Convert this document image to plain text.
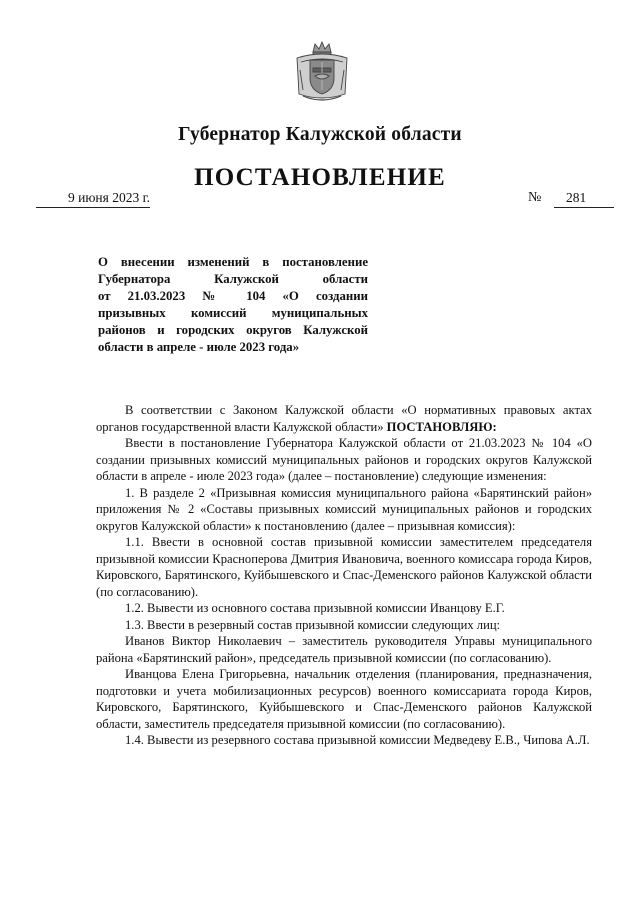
Губернатор Калужской области
ПОСТАНОВЛЕНИЕ
9 июня 2023 г.	№	281
О внесении изменений в постановление
Губернатора Калужской области
от 21.03.2023 № 104 «О создании
призывных комиссий муниципальных
районов и городских округов Калужской
области в апреле - июле 2023 года»

В соответствии с Законом Калужской области «О нормативных правовых актах органов государственной власти Калужской области» ПОСТАНОВЛЯЮ:

Ввести в постановление Губернатора Калужской области от 21.03.2023 № 104 «О создании призывных комиссий муниципальных районов и городских округов Калужской области в апреле - июле 2023 года» (далее – постановление) следующие изменения:

1. В разделе 2 «Призывная комиссия муниципального района «Барятинский район» приложения № 2 «Составы призывных комиссий муниципальных районов и городских округов Калужской области» к постановлению (далее – призывная комиссия):

1.1. Ввести в основной состав призывной комиссии заместителем председателя призывной комиссии Красноперова Дмитрия Ивановича, военного комиссара города Киров, Кировского, Барятинского, Куйбышевского и Спас-Деменского районов Калужской области (по согласованию).

1.2. Вывести из основного состава призывной комиссии Иванцову Е.Г.

1.3. Ввести в резервный состав призывной комиссии следующих лиц:

Иванов Виктор Николаевич – заместитель руководителя Управы муниципального района «Барятинский район», председатель призывной комиссии (по согласованию).

Иванцова Елена Григорьевна, начальник отделения (планирования, предназначения, подготовки и учета мобилизационных ресурсов) военного комиссариата города Киров, Кировского, Барятинского, Куйбышевского и Спас-Деменского районов Калужской области, заместитель председателя призывной комиссии (по согласованию).

1.4. Вывести из резервного состава призывной комиссии Медведеву Е.В., Чипова А.Л.
